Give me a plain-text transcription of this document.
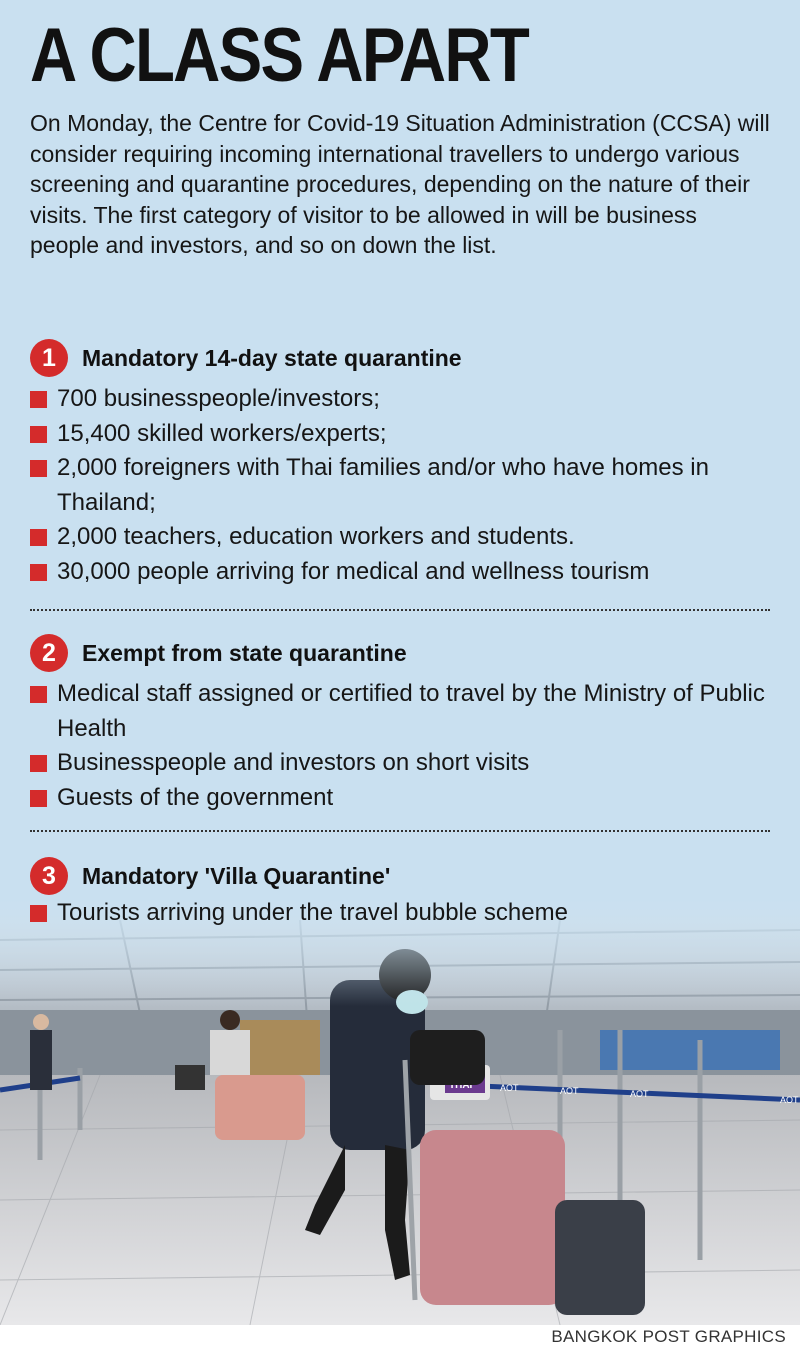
A CLASS APART

On Monday, the Centre for Covid-19 Situation Administration (CCSA) will consider requiring incoming international travellers to undergo various screening and quarantine procedures, depending on the nature of their visits. The first category of visitor to be allowed in will be business people and investors, and so on down the list.

1	Mandatory 14-day state quarantine
700 businesspeople/investors;
15,400 skilled workers/experts;
2,000 foreigners with Thai families and/or who have homes in Thailand;
2,000 teachers, education workers and students.
30,000 people arriving for medical and wellness tourism
2	Exempt from state quarantine
Medical staff assigned or certified to travel by the Ministry of Public Health
Businesspeople and investors on short visits
Guests of the government
3	Mandatory 'Villa Quarantine'
Tourists arriving under the travel bubble scheme
BANGKOK POST GRAPHICS
